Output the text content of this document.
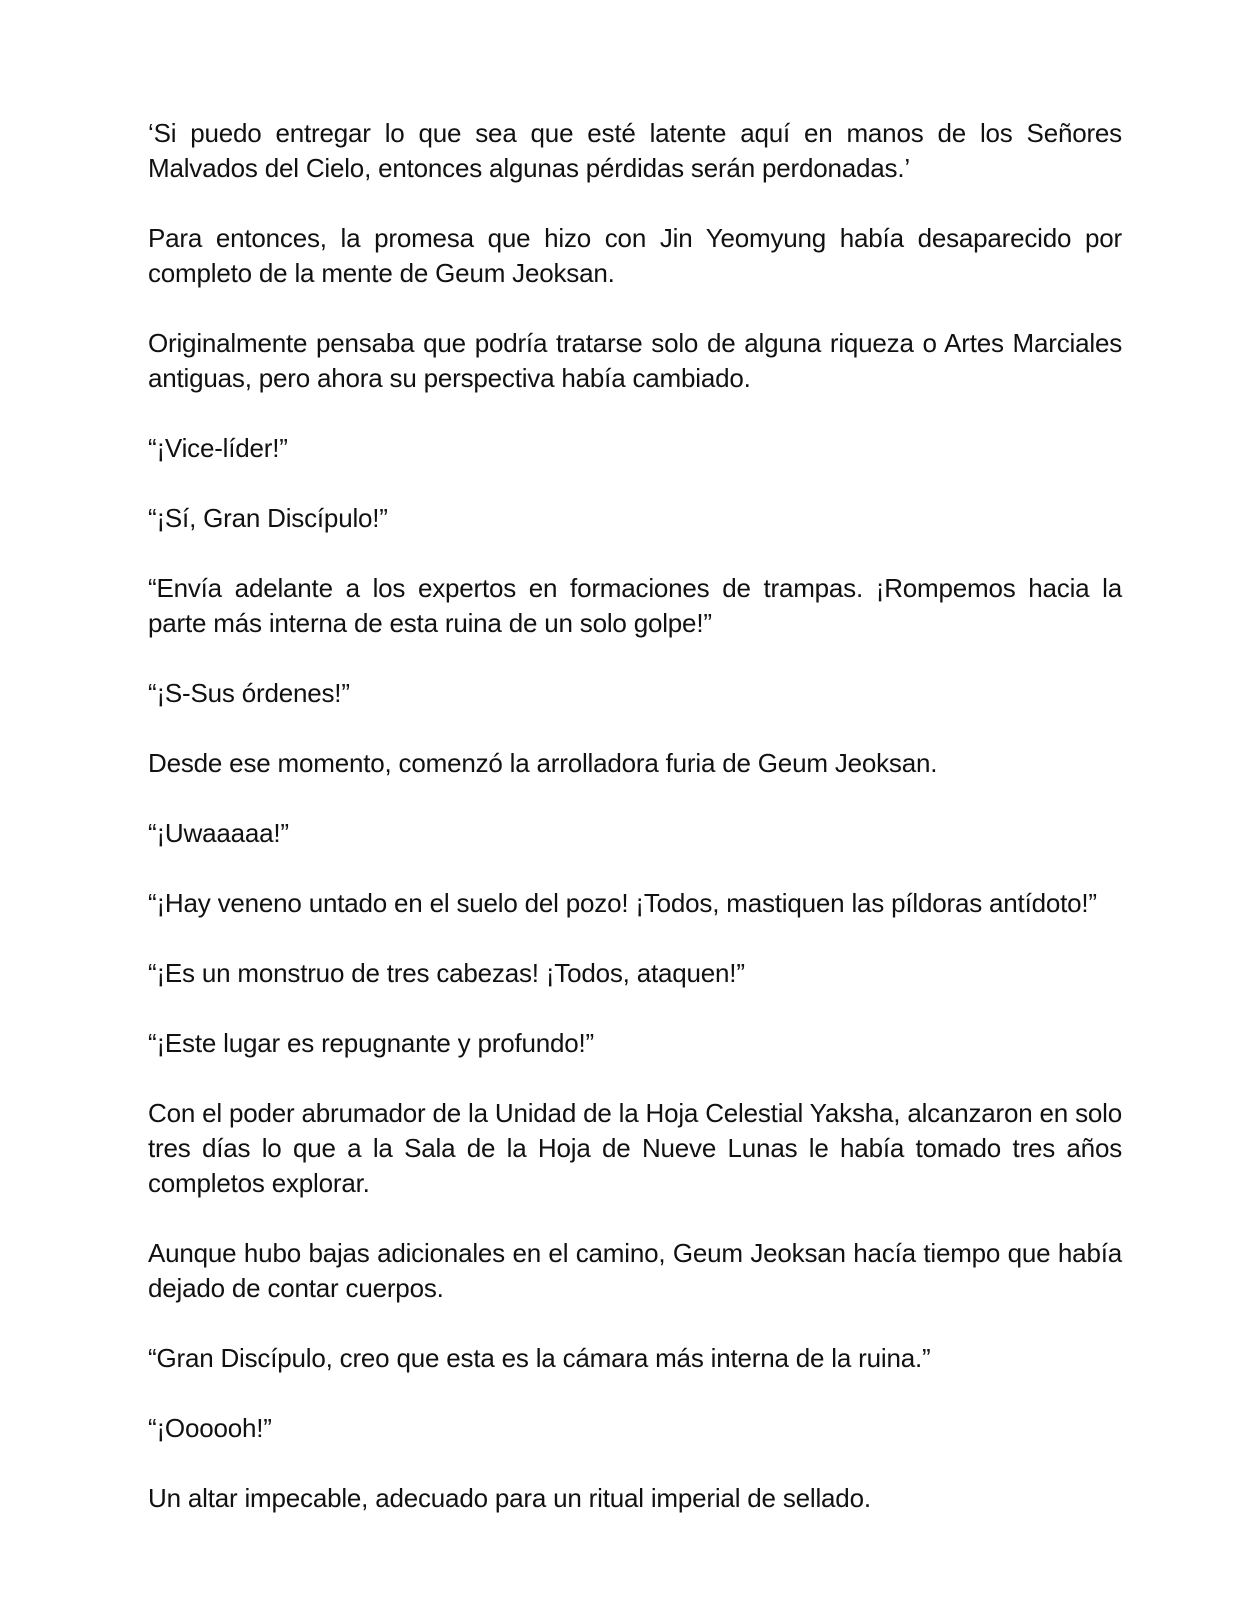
‘Si puedo entregar lo que sea que esté latente aquí en manos de los Señores Malvados del Cielo, entonces algunas pérdidas serán perdonadas.’

Para entonces, la promesa que hizo con Jin Yeomyung había desaparecido por completo de la mente de Geum Jeoksan.

Originalmente pensaba que podría tratarse solo de alguna riqueza o Artes Marciales antiguas, pero ahora su perspectiva había cambiado.

“¡Vice-líder!”

“¡Sí, Gran Discípulo!”

“Envía adelante a los expertos en formaciones de trampas. ¡Rompemos hacia la parte más interna de esta ruina de un solo golpe!”

“¡S-Sus órdenes!”

Desde ese momento, comenzó la arrolladora furia de Geum Jeoksan.

“¡Uwaaaaa!”

“¡Hay veneno untado en el suelo del pozo! ¡Todos, mastiquen las píldoras antídoto!”

“¡Es un monstruo de tres cabezas! ¡Todos, ataquen!”

“¡Este lugar es repugnante y profundo!”

Con el poder abrumador de la Unidad de la Hoja Celestial Yaksha, alcanzaron en solo tres días lo que a la Sala de la Hoja de Nueve Lunas le había tomado tres años completos explorar.

Aunque hubo bajas adicionales en el camino, Geum Jeoksan hacía tiempo que había dejado de contar cuerpos.

“Gran Discípulo, creo que esta es la cámara más interna de la ruina.”

“¡Oooooh!”

Un altar impecable, adecuado para un ritual imperial de sellado.
